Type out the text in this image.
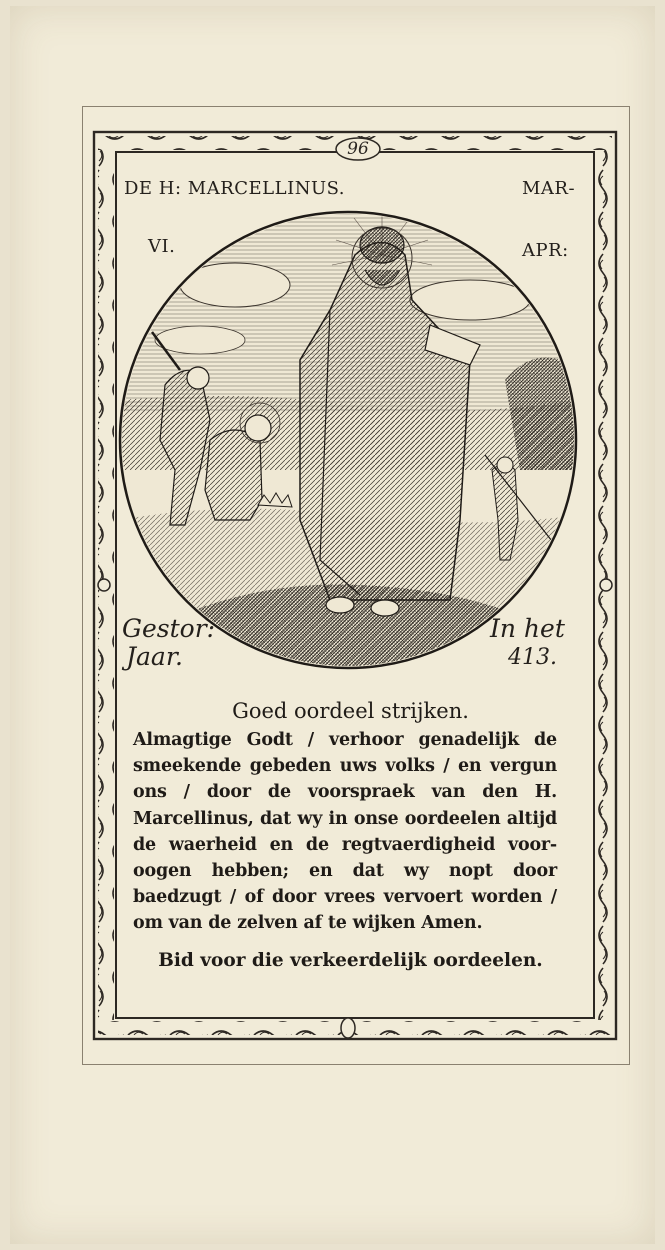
96
DE H: MARCELLINUS.	MAR-
VI.	APR:
Gestor:	In het
Jaar.	413.
Goed oordeel strijken.
Almagtige Godt / verhoor genadelijk de smeekende gebeden uws volks / en vergun ons / door de voorspraek van den H. Marcellinus, dat wy in onse oordeelen altijd de waerheid en de regtvaerdigheid voor-oogen hebben; en dat wy nopt door baedzugt / of door vrees vervoert worden / om van de zelven af te wijken Amen.
Bid voor die verkeerdelijk oordeelen.
